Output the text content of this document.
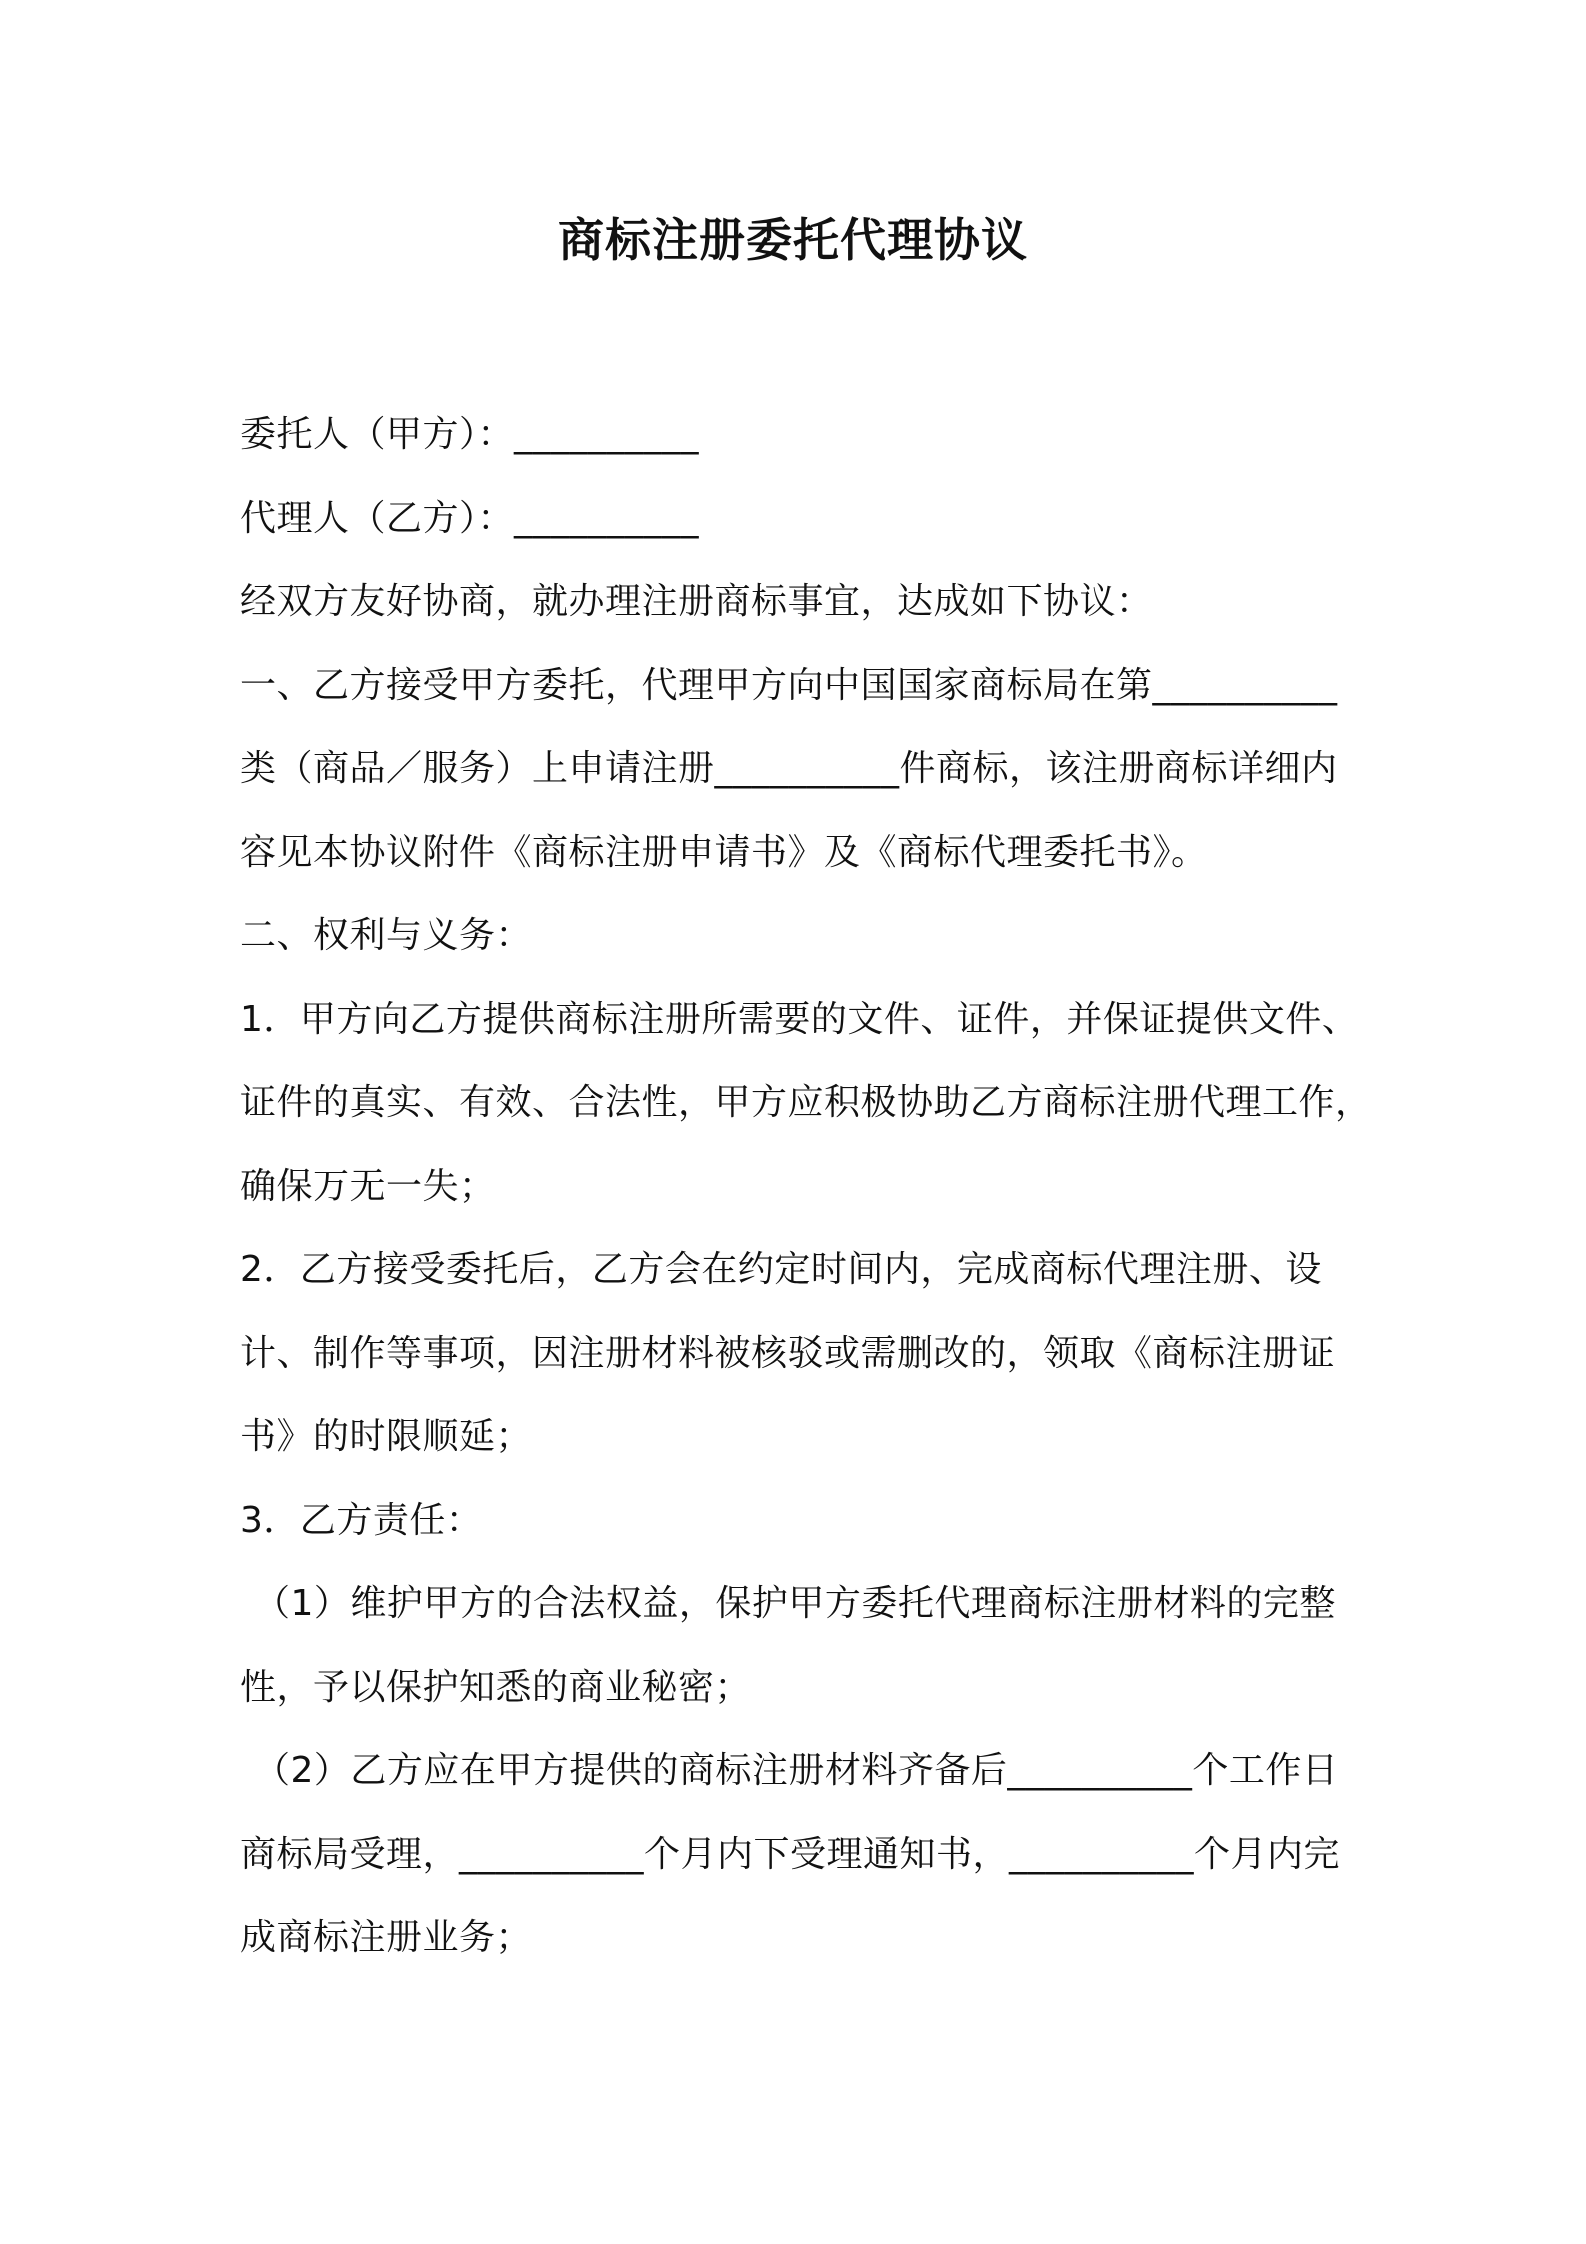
商标注册委托代理协议
委托人（甲方）：__________
代理人（乙方）：__________
经双方友好协商，就办理注册商标事宜，达成如下协议：
一、乙方接受甲方委托，代理甲方向中国国家商标局在第__________
类（商品／服务）上申请注册__________件商标，该注册商标详细内
容见本协议附件《商标注册申请书》及《商标代理委托书》。
二、权利与义务：
1．甲方向乙方提供商标注册所需要的文件、证件，并保证提供文件、
证件的真实、有效、合法性，甲方应积极协助乙方商标注册代理工作，
确保万无一失；
2．乙方接受委托后，乙方会在约定时间内，完成商标代理注册、设
计、制作等事项，因注册材料被核驳或需删改的，领取《商标注册证
书》的时限顺延；
3．乙方责任：
（1）维护甲方的合法权益，保护甲方委托代理商标注册材料的完整
性，予以保护知悉的商业秘密；
（2）乙方应在甲方提供的商标注册材料齐备后__________个工作日
商标局受理，__________个月内下受理通知书，__________个月内完
成商标注册业务；
